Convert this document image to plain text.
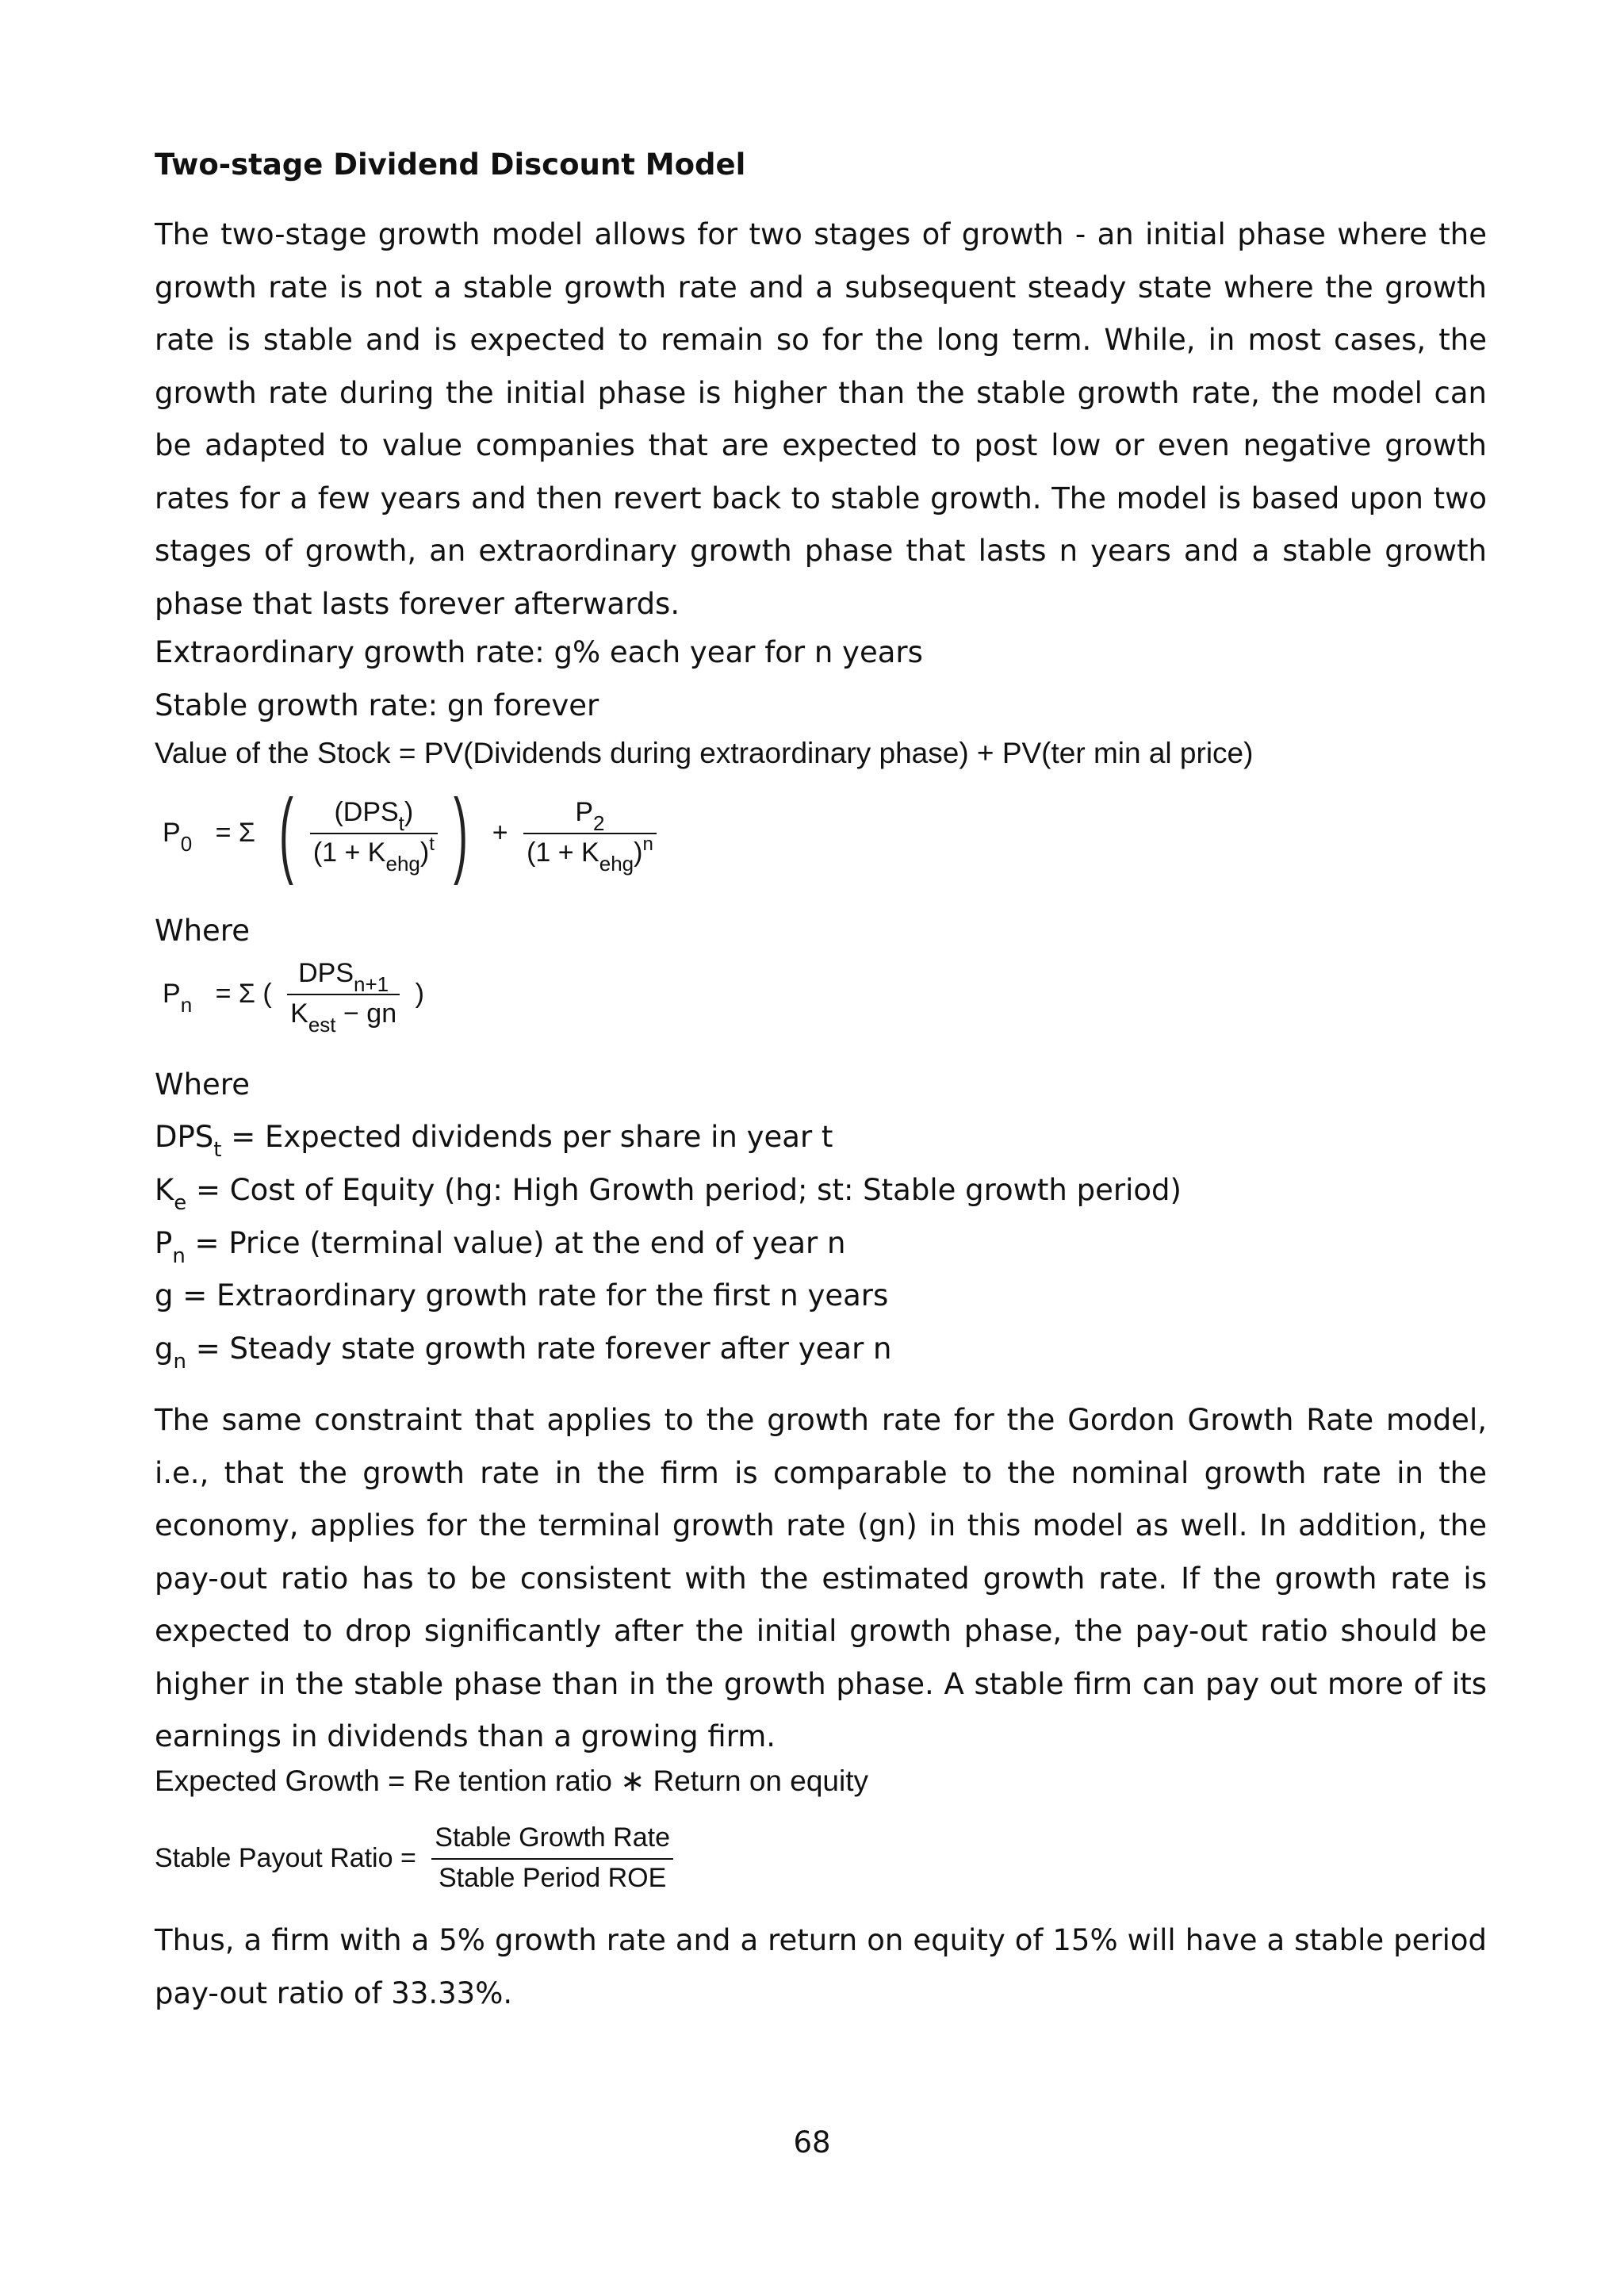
Two-stage Dividend Discount Model
The two-stage growth model allows for two stages of growth - an initial phase where the growth rate is not a stable growth rate and a subsequent steady state where the growth rate is stable and is expected to remain so for the long term. While, in most cases, the growth rate during the initial phase is higher than the stable growth rate, the model can be adapted to value companies that are expected to post low or even negative growth rates for a few years and then revert back to stable growth. The model is based upon two stages of growth, an extraordinary growth phase that lasts n years and a stable growth phase that lasts forever afterwards.
Extraordinary growth rate: g% each year for n years
Stable growth rate: gn forever
Value of the Stock = PV(Dividends during extraordinary phase) + PV(ter min al price)
$P_0 = \Sigma$ ( $\frac{(DPS_t)}{(1 + K_{ehg})^t}$ ) + $\frac{P_2}{(1 + K_{ehg})^n}$
Where
$P_n = \Sigma$ ( $\frac{DPS_{n+1}}{K_{est} - gn}$ )
Where
$DPS_t$ = Expected dividends per share in year t
$K_e$ = Cost of Equity (hg: High Growth period; st: Stable growth period)
$P_n$ = Price (terminal value) at the end of year n
g = Extraordinary growth rate for the first n years
$g_n$ = Steady state growth rate forever after year n
The same constraint that applies to the growth rate for the Gordon Growth Rate model, i.e., that the growth rate in the firm is comparable to the nominal growth rate in the economy, applies for the terminal growth rate (gn) in this model as well. In addition, the pay-out ratio has to be consistent with the estimated growth rate. If the growth rate is expected to drop significantly after the initial growth phase, the pay-out ratio should be higher in the stable phase than in the growth phase. A stable firm can pay out more of its earnings in dividends than a growing firm.
Expected Growth = Re tention ratio ∗ Return on equity
Stable Payout Ratio = $\frac{\text{Stable Growth Rate}}{\text{Stable Period ROE}}$
Thus, a firm with a 5% growth rate and a return on equity of 15% will have a stable period pay-out ratio of 33.33%.
68
